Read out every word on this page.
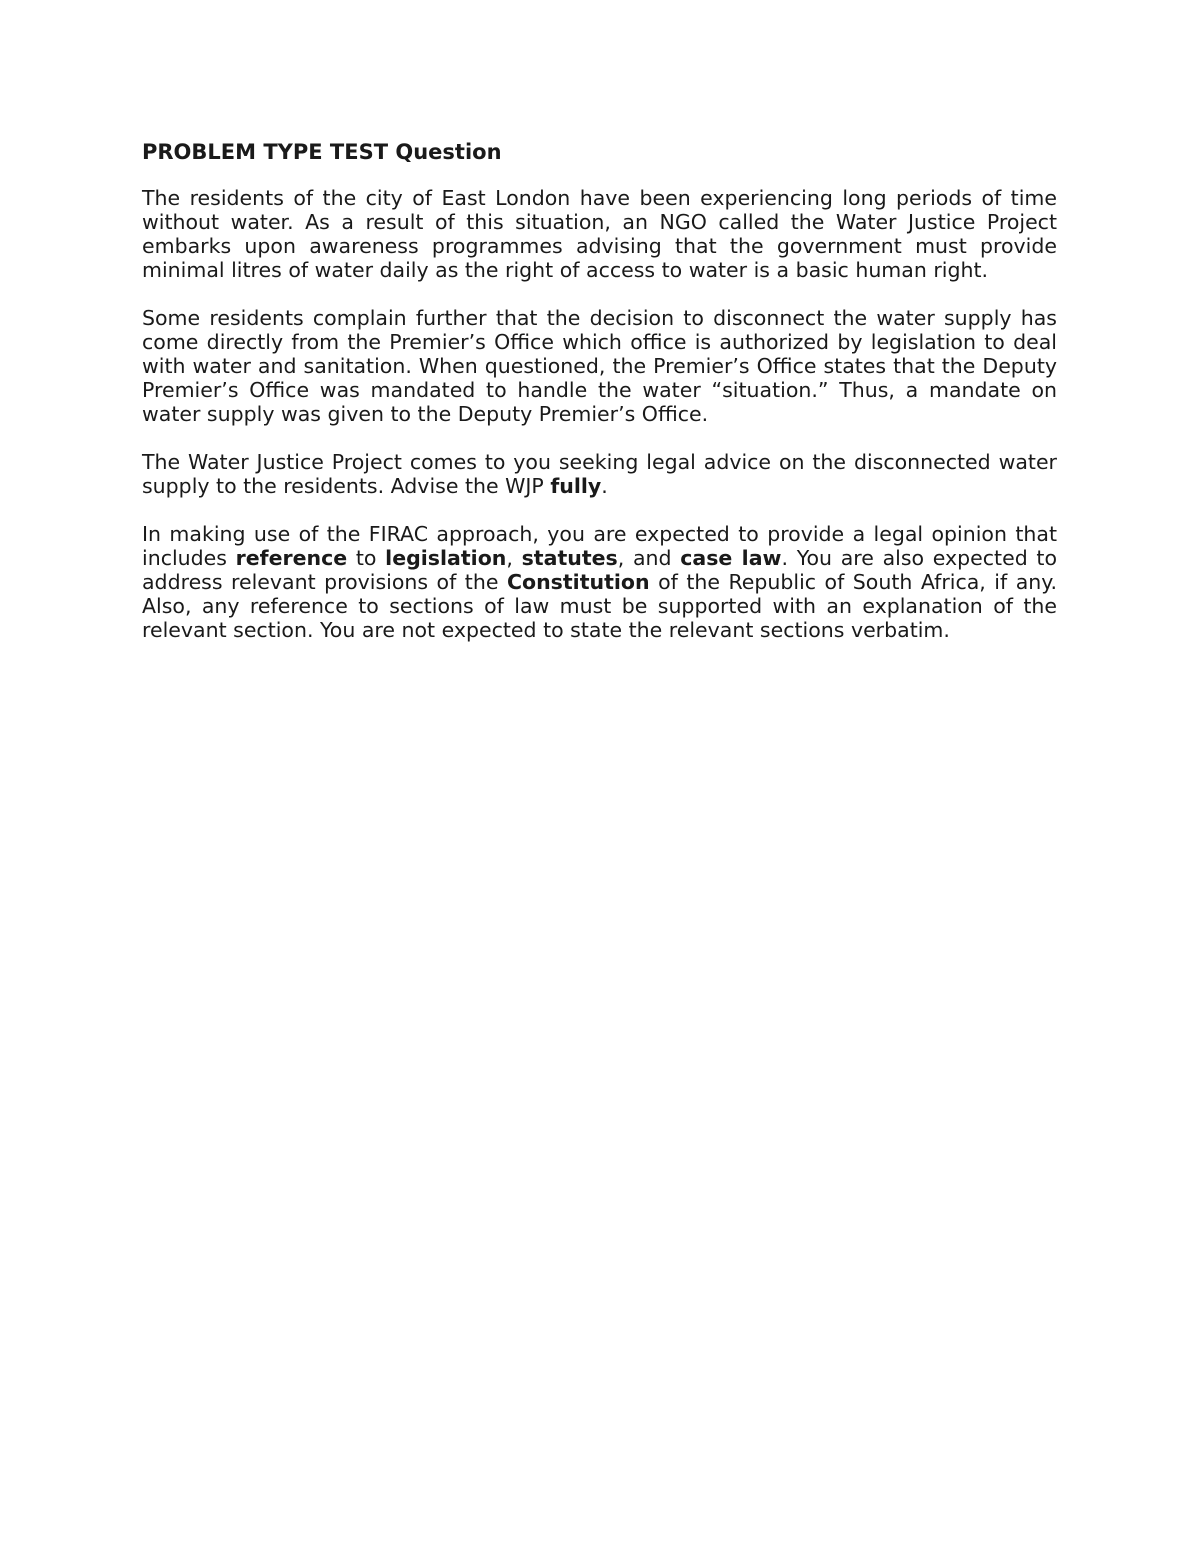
PROBLEM TYPE TEST Question

The residents of the city of East London have been experiencing long periods of time without water. As a result of this situation, an NGO called the Water Justice Project embarks upon awareness programmes advising that the government must provide minimal litres of water daily as the right of access to water is a basic human right.

Some residents complain further that the decision to disconnect the water supply has come directly from the Premier’s Office which office is authorized by legislation to deal with water and sanitation. When questioned, the Premier’s Office states that the Deputy Premier’s Office was mandated to handle the water “situation.” Thus, a mandate on water supply was given to the Deputy Premier’s Office.

The Water Justice Project comes to you seeking legal advice on the disconnected water supply to the residents. Advise the WJP fully.

In making use of the FIRAC approach, you are expected to provide a legal opinion that includes reference to legislation, statutes, and case law. You are also expected to address relevant provisions of the Constitution of the Republic of South Africa, if any. Also, any reference to sections of law must be supported with an explanation of the relevant section. You are not expected to state the relevant sections verbatim.
